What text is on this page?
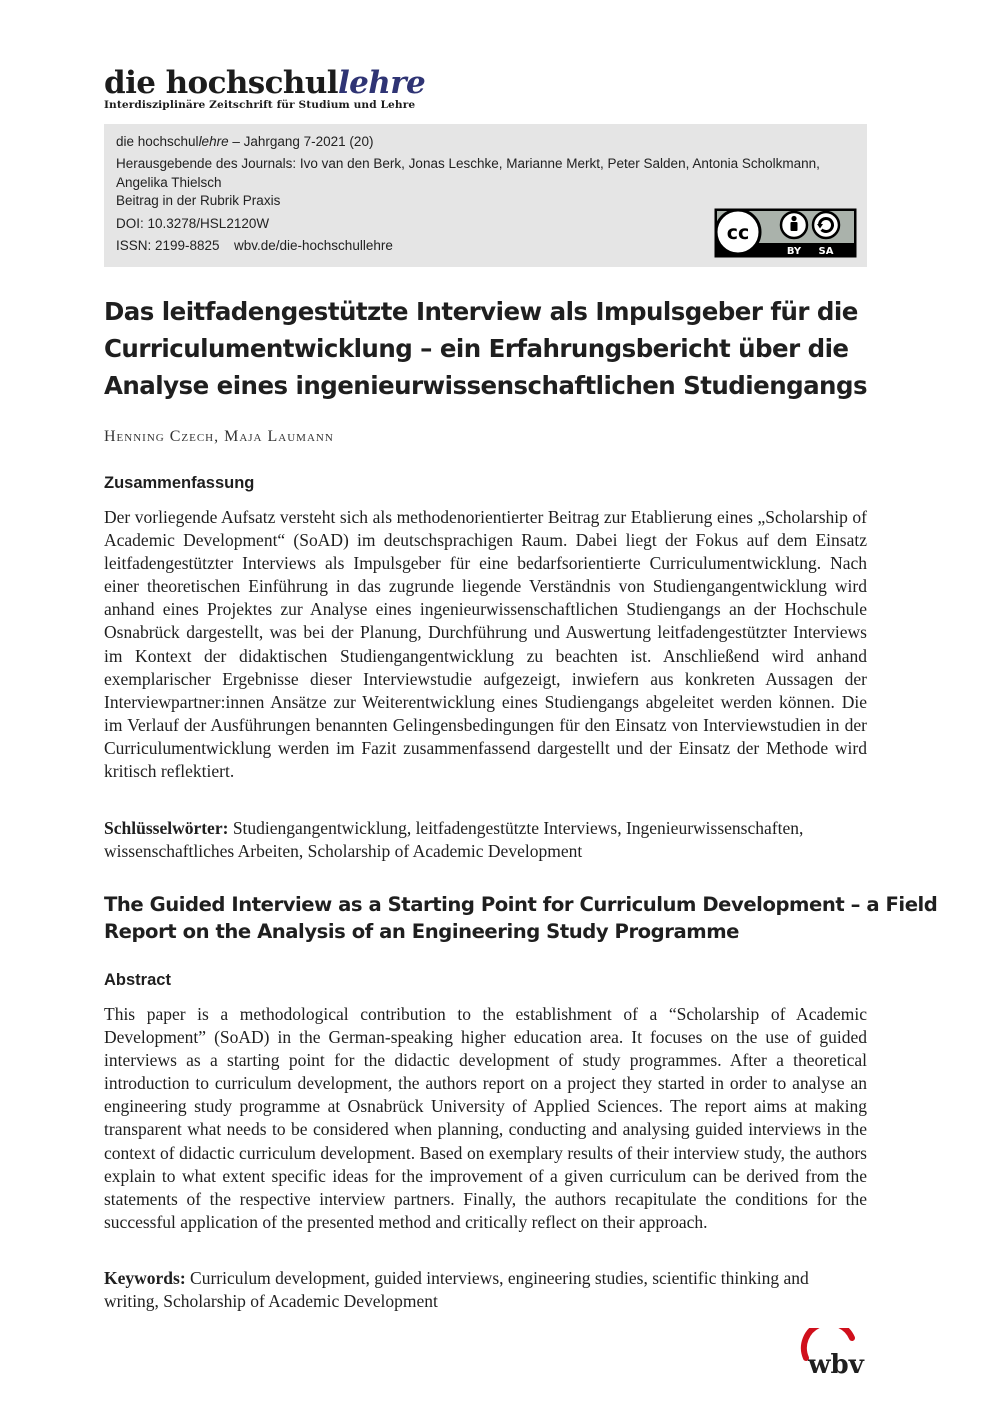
die hochschullehre
Interdisziplinäre Zeitschrift für Studium und Lehre
die hochschullehre – Jahrgang 7-2021 (20)
Herausgebende des Journals: Ivo van den Berk, Jonas Leschke, Marianne Merkt, Peter Salden, Antonia Scholkmann,
Angelika Thielsch
Beitrag in der Rubrik Praxis
DOI: 10.3278/HSL2120W
ISSN: 2199-8825 wbv.de/die-hochschullehre
cc
BY SA
Das leitfadengestützte Interview als Impulsgeber für die
Curriculumentwicklung – ein Erfahrungsbericht über die
Analyse eines ingenieurwissenschaftlichen Studiengangs
Henning Czech, Maja Laumann
Zusammenfassung
Der vorliegende Aufsatz versteht sich als methodenorientierter Beitrag zur Etablierung eines „Scholarship of Academic Development“ (SoAD) im deutschsprachigen Raum. Dabei liegt der Fokus auf dem Einsatz leitfadengestützter Interviews als Impulsgeber für eine bedarfsorientierte Curriculumentwicklung. Nach einer theoretischen Einführung in das zugrunde liegende Verständnis von Studiengangentwicklung wird anhand eines Projektes zur Analyse eines ingenieurwissenschaftlichen Studiengangs an der Hochschule Osnabrück dargestellt, was bei der Planung, Durchführung und Auswertung leitfadengestützter Interviews im Kontext der didaktischen Studiengangentwicklung zu beachten ist. Anschließend wird anhand exemplarischer Ergebnisse dieser Interviewstudie aufgezeigt, inwiefern aus konkreten Aussagen der Interviewpartner:innen Ansätze zur Weiterentwicklung eines Studiengangs abgeleitet werden können. Die im Verlauf der Ausführungen benannten Gelingensbedingungen für den Einsatz von Interviewstudien in der Curriculumentwicklung werden im Fazit zusammenfassend dargestellt und der Einsatz der Methode wird kritisch reflektiert.
Schlüsselwörter: Studiengangentwicklung, leitfadengestützte Interviews, Ingenieurwissenschaften, wissenschaftliches Arbeiten, Scholarship of Academic Development
The Guided Interview as a Starting Point for Curriculum Development – a Field
Report on the Analysis of an Engineering Study Programme
Abstract
This paper is a methodological contribution to the establishment of a “Scholarship of Academic Development” (SoAD) in the German-speaking higher education area. It focuses on the use of guided interviews as a starting point for the didactic development of study programmes. After a theoretical introduction to curriculum development, the authors report on a project they started in order to analyse an engineering study programme at Osnabrück University of Applied Sciences. The report aims at making transparent what needs to be considered when planning, conducting and analysing guided interviews in the context of didactic curriculum development. Based on exemplary results of their interview study, the authors explain to what extent specific ideas for the improvement of a given curriculum can be derived from the statements of the respective interview partners. Finally, the authors recapitulate the conditions for the successful application of the presented method and critically reflect on their approach.
Keywords: Curriculum development, guided interviews, engineering studies, scientific thinking and writing, Scholarship of Academic Development
wbv
